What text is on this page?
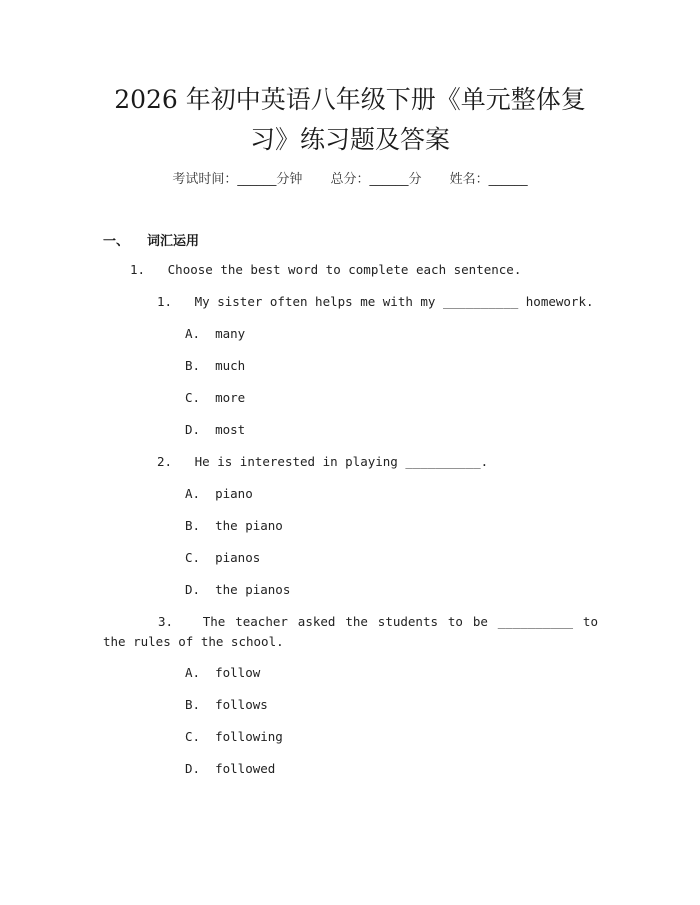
2026 年初中英语八年级下册《单元整体复
习》练习题及答案
考试时间：______分钟 总分：______分 姓名：______
一、 词汇运用
1. Choose the best word to complete each sentence.
1. My sister often helps me with my __________ homework.
A.  many
B.  much
C.  more
D.  most
2. He is interested in playing __________.
A.  piano
B.  the piano
C.  pianos
D.  the pianos
3. The teacher asked the students to be __________ to the rules of the school.
A.  follow
B.  follows
C.  following
D.  followed
